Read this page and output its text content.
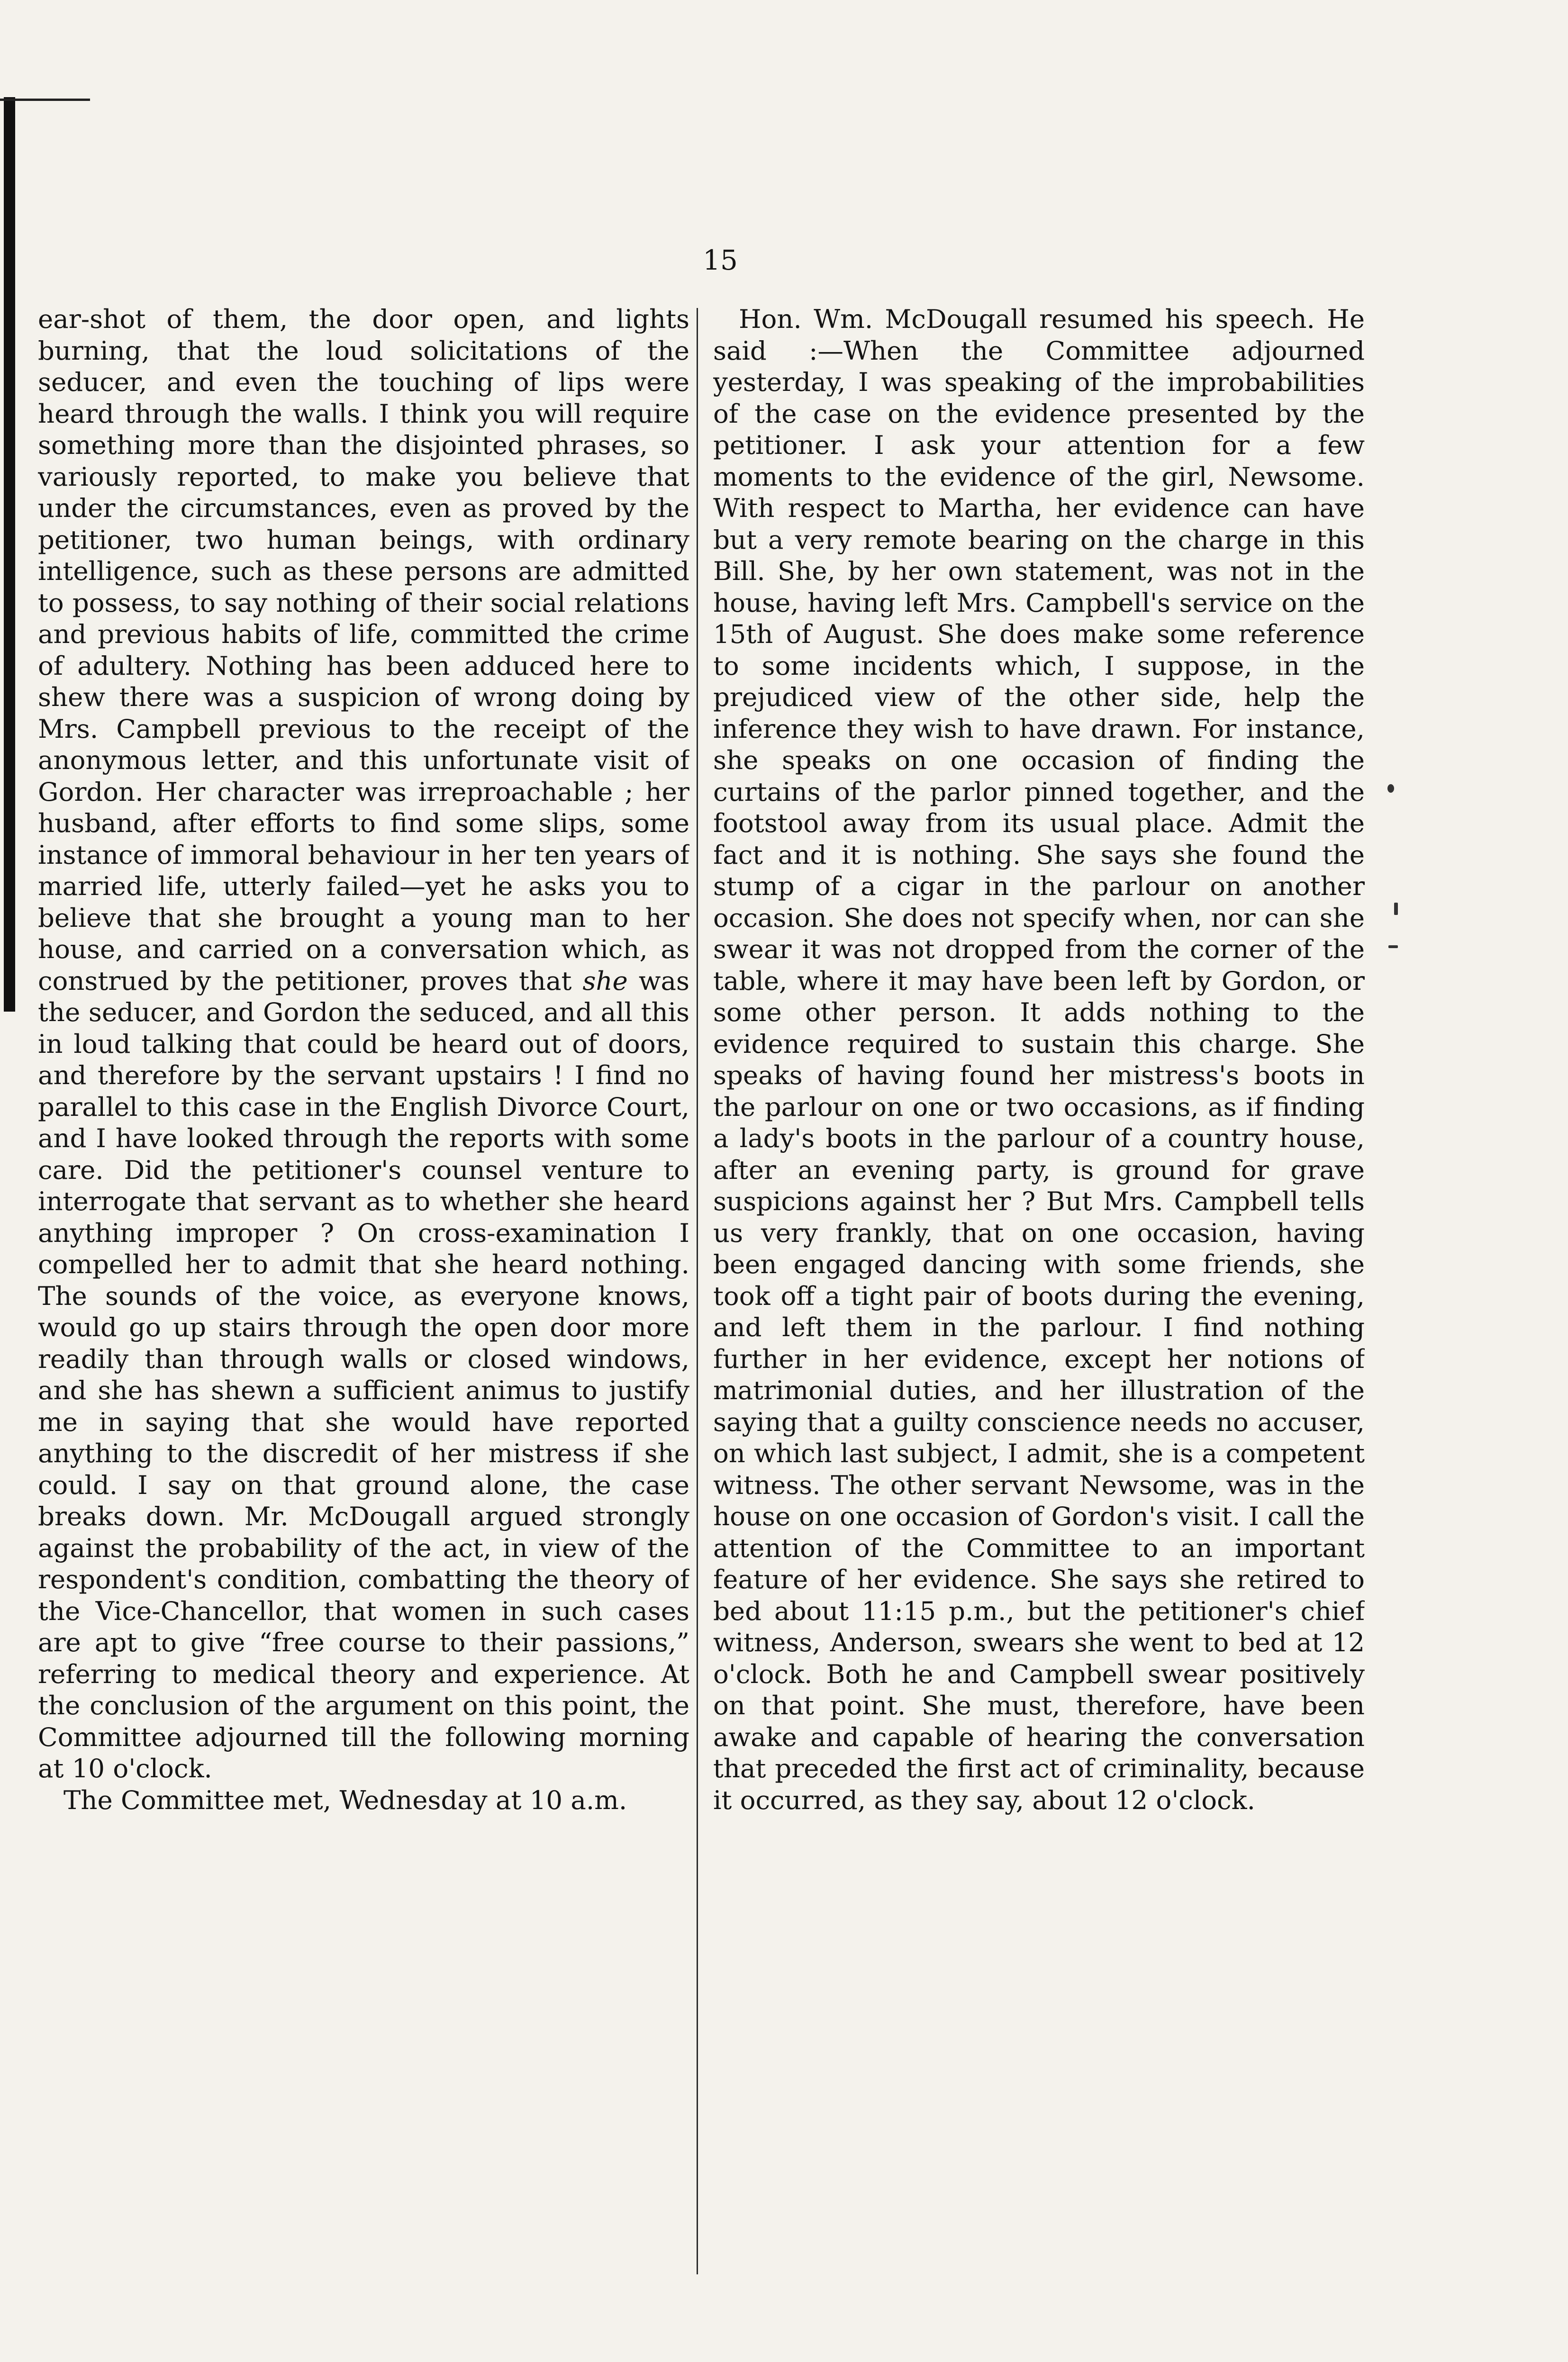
15

ear-shot of them, the door open, and lights burning, that the loud solicitations of the seducer, and even the touching of lips were heard through the walls. I think you will require something more than the disjointed phrases, so variously reported, to make you believe that under the circumstances, even as proved by the petitioner, two human beings, with ordinary intelligence, such as these persons are admitted to possess, to say nothing of their social relations and previous habits of life, committed the crime of adultery. Nothing has been adduced here to shew there was a suspicion of wrong doing by Mrs. Campbell previous to the receipt of the anonymous letter, and this unfortunate visit of Gordon. Her character was irreproachable ; her husband, after efforts to find some slips, some instance of immoral behaviour in her ten years of married life, utterly failed—yet he asks you to believe that she brought a young man to her house, and carried on a conversation which, as construed by the petitioner, proves that she was the seducer, and Gordon the seduced, and all this in loud talking that could be heard out of doors, and therefore by the servant upstairs ! I find no parallel to this case in the English Divorce Court, and I have looked through the reports with some care. Did the petitioner's counsel venture to interrogate that servant as to whether she heard anything improper ? On cross-examination I compelled her to admit that she heard nothing. The sounds of the voice, as everyone knows, would go up stairs through the open door more readily than through walls or closed windows, and she has shewn a sufficient animus to justify me in saying that she would have reported anything to the discredit of her mistress if she could. I say on that ground alone, the case breaks down. Mr. McDougall argued strongly against the probability of the act, in view of the respondent's condition, combatting the theory of the Vice-Chancellor, that women in such cases are apt to give “free course to their passions,” referring to medical theory and experience. At the conclusion of the argument on this point, the Committee adjourned till the following morning at 10 o'clock.

The Committee met, Wednesday at 10 a.m.

Hon. Wm. McDougall resumed his speech. He said :—When the Committee adjourned yesterday, I was speaking of the improbabilities of the case on the evidence presented by the petitioner. I ask your attention for a few moments to the evidence of the girl, Newsome. With respect to Martha, her evidence can have but a very remote bearing on the charge in this Bill. She, by her own statement, was not in the house, having left Mrs. Campbell's service on the 15th of August. She does make some reference to some incidents which, I suppose, in the prejudiced view of the other side, help the inference they wish to have drawn. For instance, she speaks on one occasion of finding the curtains of the parlor pinned together, and the footstool away from its usual place. Admit the fact and it is nothing. She says she found the stump of a cigar in the parlour on another occasion. She does not specify when, nor can she swear it was not dropped from the corner of the table, where it may have been left by Gordon, or some other person. It adds nothing to the evidence required to sustain this charge. She speaks of having found her mistress's boots in the parlour on one or two occasions, as if finding a lady's boots in the parlour of a country house, after an evening party, is ground for grave suspicions against her ? But Mrs. Campbell tells us very frankly, that on one occasion, having been engaged dancing with some friends, she took off a tight pair of boots during the evening, and left them in the parlour. I find nothing further in her evidence, except her notions of matrimonial duties, and her illustration of the saying that a guilty conscience needs no accuser, on which last subject, I admit, she is a competent witness. The other servant Newsome, was in the house on one occasion of Gordon's visit. I call the attention of the Committee to an important feature of her evidence. She says she retired to bed about 11:15 p.m., but the petitioner's chief witness, Anderson, swears she went to bed at 12 o'clock. Both he and Campbell swear positively on that point. She must, therefore, have been awake and capable of hearing the conversation that preceded the first act of criminality, because it occurred, as they say, about 12 o'clock.
